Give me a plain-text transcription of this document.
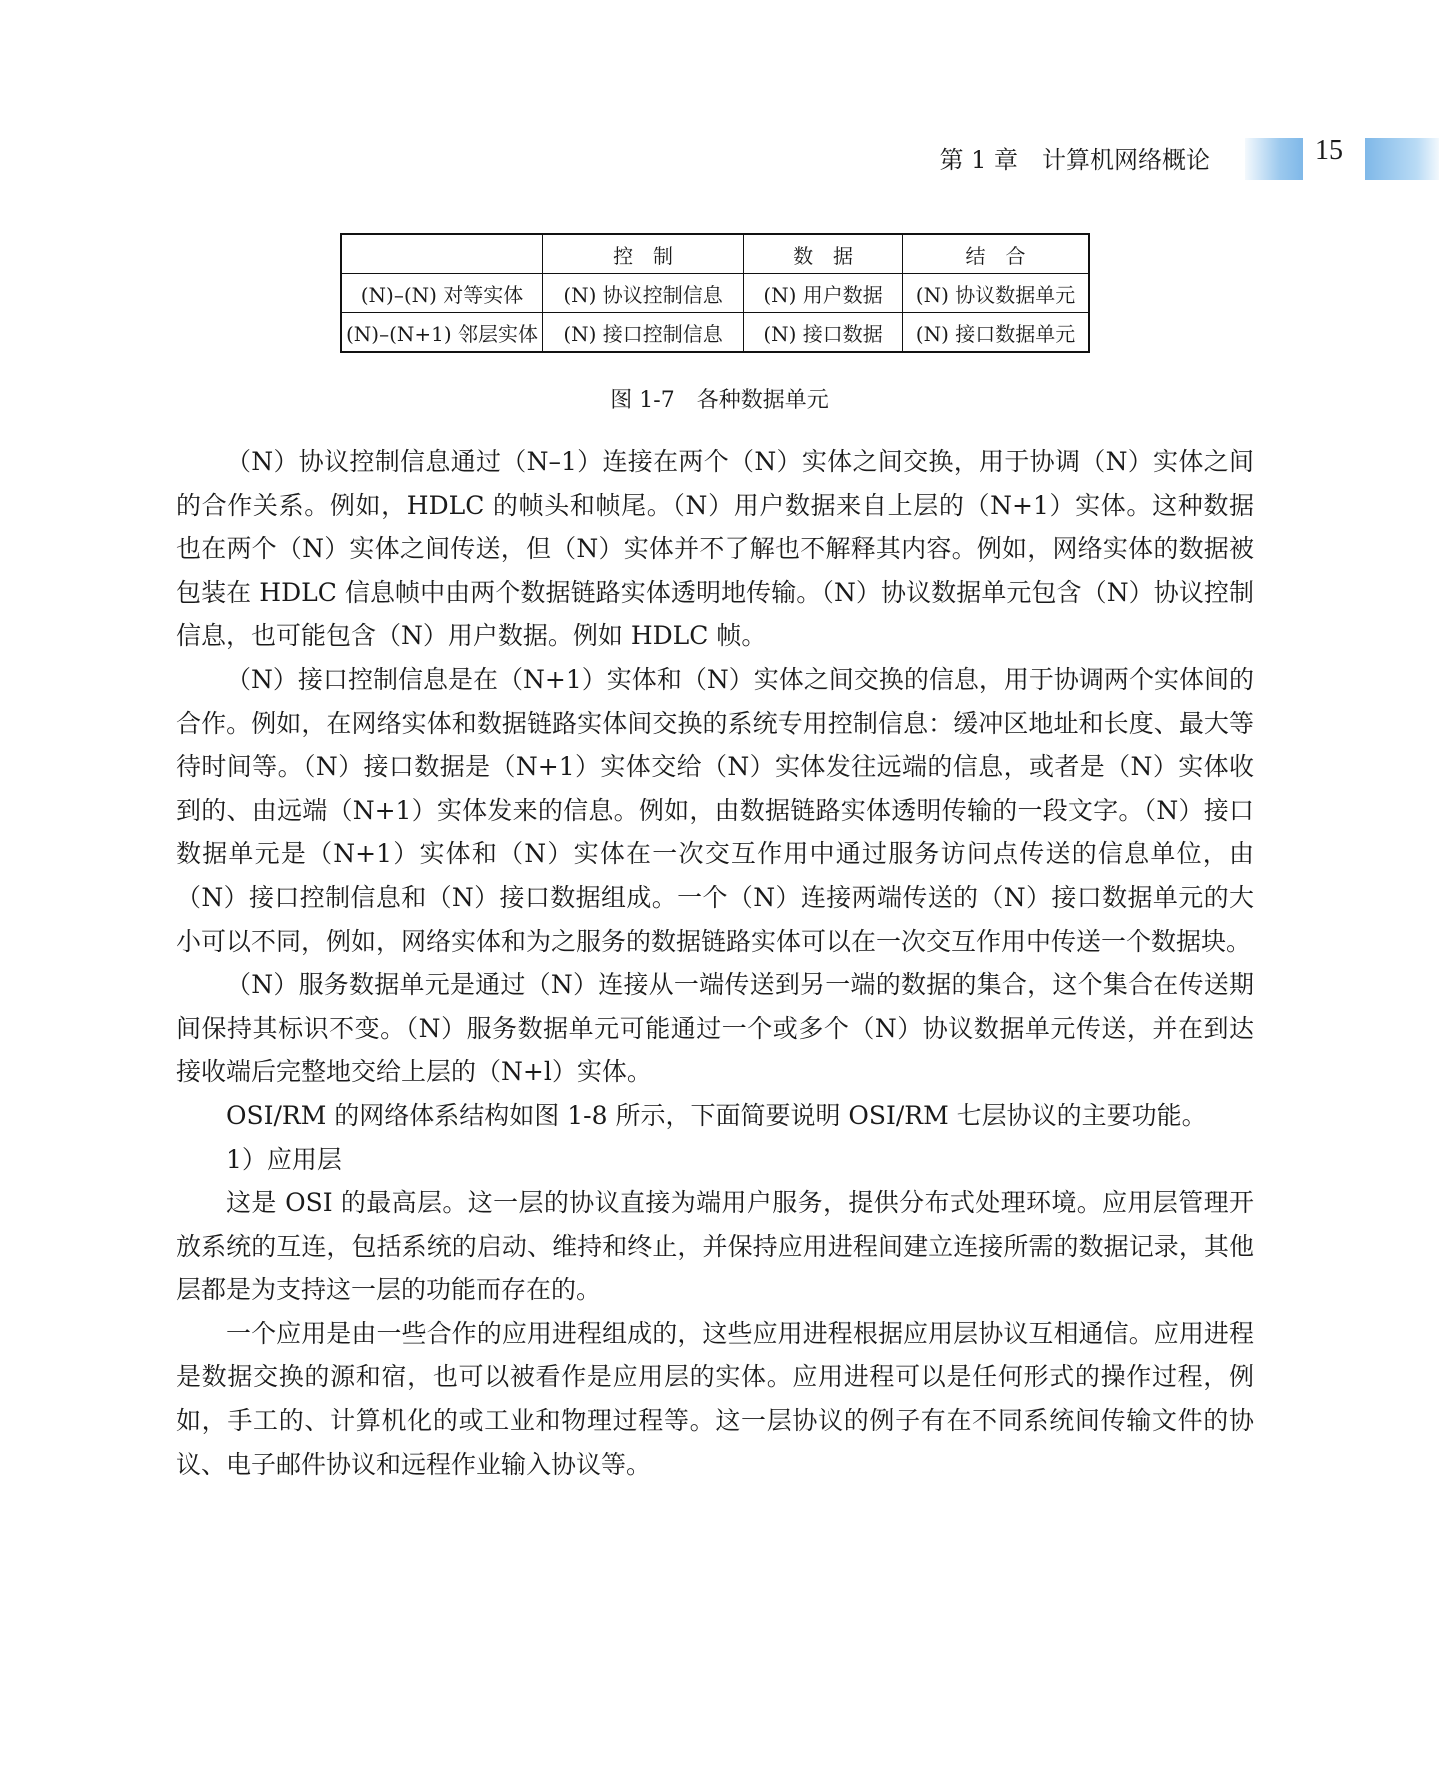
第 1 章　计算机网络概论	15
	控　制	数　据	结　合
(N)–(N) 对等实体	(N) 协议控制信息	(N) 用户数据	(N) 协议数据单元
(N)–(N+1) 邻层实体	(N) 接口控制信息	(N) 接口数据	(N) 接口数据单元
图 1-7　各种数据单元

（N）协议控制信息通过（N–1）连接在两个（N）实体之间交换，用于协调（N）实体之间的合作关系。例如，HDLC 的帧头和帧尾。（N）用户数据来自上层的（N+1）实体。这种数据也在两个（N）实体之间传送，但（N）实体并不了解也不解释其内容。例如，网络实体的数据被包装在 HDLC 信息帧中由两个数据链路实体透明地传输。（N）协议数据单元包含（N）协议控制信息，也可能包含（N）用户数据。例如 HDLC 帧。

（N）接口控制信息是在（N+1）实体和（N）实体之间交换的信息，用于协调两个实体间的合作。例如，在网络实体和数据链路实体间交换的系统专用控制信息：缓冲区地址和长度、最大等待时间等。（N）接口数据是（N+1）实体交给（N）实体发往远端的信息，或者是（N）实体收到的、由远端（N+1）实体发来的信息。例如，由数据链路实体透明传输的一段文字。（N）接口数据单元是（N+1）实体和（N）实体在一次交互作用中通过服务访问点传送的信息单位，由（N）接口控制信息和（N）接口数据组成。一个（N）连接两端传送的（N）接口数据单元的大小可以不同，例如，网络实体和为之服务的数据链路实体可以在一次交互作用中传送一个数据块。

（N）服务数据单元是通过（N）连接从一端传送到另一端的数据的集合，这个集合在传送期间保持其标识不变。（N）服务数据单元可能通过一个或多个（N）协议数据单元传送，并在到达接收端后完整地交给上层的（N+l）实体。

OSI/RM 的网络体系结构如图 1-8 所示，下面简要说明 OSI/RM 七层协议的主要功能。

1）应用层

这是 OSI 的最高层。这一层的协议直接为端用户服务，提供分布式处理环境。应用层管理开放系统的互连，包括系统的启动、维持和终止，并保持应用进程间建立连接所需的数据记录，其他层都是为支持这一层的功能而存在的。

一个应用是由一些合作的应用进程组成的，这些应用进程根据应用层协议互相通信。应用进程是数据交换的源和宿，也可以被看作是应用层的实体。应用进程可以是任何形式的操作过程，例如，手工的、计算机化的或工业和物理过程等。这一层协议的例子有在不同系统间传输文件的协议、电子邮件协议和远程作业输入协议等。
